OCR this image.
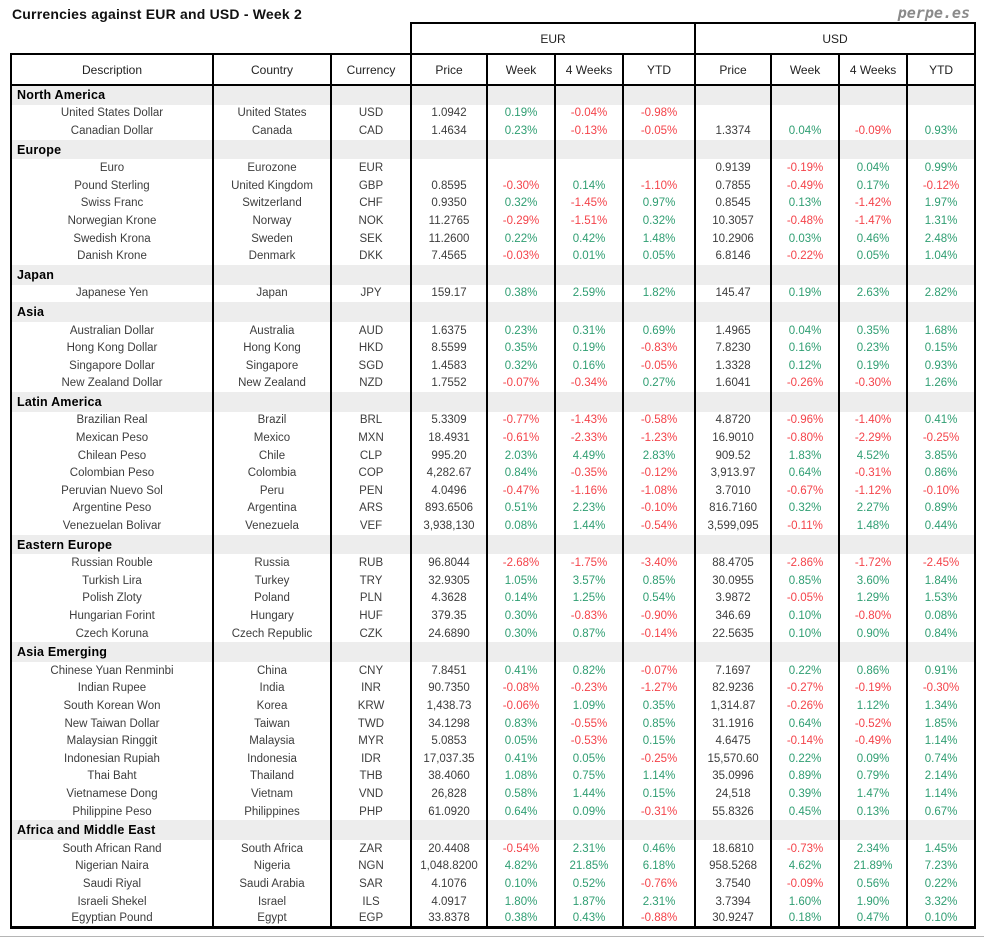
Currencies against EUR and USD - Week 2	perpe.es
			EUR				USD			
Description	Country	Currency	Price	Week	4 Weeks	YTD	Price	Week	4 Weeks	YTD
North America										
United States Dollar	United States	USD	1.0942	0.19%	-0.04%	-0.98%				
Canadian Dollar	Canada	CAD	1.4634	0.23%	-0.13%	-0.05%	1.3374	0.04%	-0.09%	0.93%
Europe										
Euro	Eurozone	EUR					0.9139	-0.19%	0.04%	0.99%
Pound Sterling	United Kingdom	GBP	0.8595	-0.30%	0.14%	-1.10%	0.7855	-0.49%	0.17%	-0.12%
Swiss Franc	Switzerland	CHF	0.9350	0.32%	-1.45%	0.97%	0.8545	0.13%	-1.42%	1.97%
Norwegian Krone	Norway	NOK	11.2765	-0.29%	-1.51%	0.32%	10.3057	-0.48%	-1.47%	1.31%
Swedish Krona	Sweden	SEK	11.2600	0.22%	0.42%	1.48%	10.2906	0.03%	0.46%	2.48%
Danish Krone	Denmark	DKK	7.4565	-0.03%	0.01%	0.05%	6.8146	-0.22%	0.05%	1.04%
Japan										
Japanese Yen	Japan	JPY	159.17	0.38%	2.59%	1.82%	145.47	0.19%	2.63%	2.82%
Asia										
Australian Dollar	Australia	AUD	1.6375	0.23%	0.31%	0.69%	1.4965	0.04%	0.35%	1.68%
Hong Kong Dollar	Hong Kong	HKD	8.5599	0.35%	0.19%	-0.83%	7.8230	0.16%	0.23%	0.15%
Singapore Dollar	Singapore	SGD	1.4583	0.32%	0.16%	-0.05%	1.3328	0.12%	0.19%	0.93%
New Zealand Dollar	New Zealand	NZD	1.7552	-0.07%	-0.34%	0.27%	1.6041	-0.26%	-0.30%	1.26%
Latin America										
Brazilian Real	Brazil	BRL	5.3309	-0.77%	-1.43%	-0.58%	4.8720	-0.96%	-1.40%	0.41%
Mexican Peso	Mexico	MXN	18.4931	-0.61%	-2.33%	-1.23%	16.9010	-0.80%	-2.29%	-0.25%
Chilean Peso	Chile	CLP	995.20	2.03%	4.49%	2.83%	909.52	1.83%	4.52%	3.85%
Colombian Peso	Colombia	COP	4,282.67	0.84%	-0.35%	-0.12%	3,913.97	0.64%	-0.31%	0.86%
Peruvian Nuevo Sol	Peru	PEN	4.0496	-0.47%	-1.16%	-1.08%	3.7010	-0.67%	-1.12%	-0.10%
Argentine Peso	Argentina	ARS	893.6506	0.51%	2.23%	-0.10%	816.7160	0.32%	2.27%	0.89%
Venezuelan Bolivar	Venezuela	VEF	3,938,130	0.08%	1.44%	-0.54%	3,599,095	-0.11%	1.48%	0.44%
Eastern Europe										
Russian Rouble	Russia	RUB	96.8044	-2.68%	-1.75%	-3.40%	88.4705	-2.86%	-1.72%	-2.45%
Turkish Lira	Turkey	TRY	32.9305	1.05%	3.57%	0.85%	30.0955	0.85%	3.60%	1.84%
Polish Zloty	Poland	PLN	4.3628	0.14%	1.25%	0.54%	3.9872	-0.05%	1.29%	1.53%
Hungarian Forint	Hungary	HUF	379.35	0.30%	-0.83%	-0.90%	346.69	0.10%	-0.80%	0.08%
Czech Koruna	Czech Republic	CZK	24.6890	0.30%	0.87%	-0.14%	22.5635	0.10%	0.90%	0.84%
Asia Emerging										
Chinese Yuan Renminbi	China	CNY	7.8451	0.41%	0.82%	-0.07%	7.1697	0.22%	0.86%	0.91%
Indian Rupee	India	INR	90.7350	-0.08%	-0.23%	-1.27%	82.9236	-0.27%	-0.19%	-0.30%
South Korean Won	Korea	KRW	1,438.73	-0.06%	1.09%	0.35%	1,314.87	-0.26%	1.12%	1.34%
New Taiwan Dollar	Taiwan	TWD	34.1298	0.83%	-0.55%	0.85%	31.1916	0.64%	-0.52%	1.85%
Malaysian Ringgit	Malaysia	MYR	5.0853	0.05%	-0.53%	0.15%	4.6475	-0.14%	-0.49%	1.14%
Indonesian Rupiah	Indonesia	IDR	17,037.35	0.41%	0.05%	-0.25%	15,570.60	0.22%	0.09%	0.74%
Thai Baht	Thailand	THB	38.4060	1.08%	0.75%	1.14%	35.0996	0.89%	0.79%	2.14%
Vietnamese Dong	Vietnam	VND	26,828	0.58%	1.44%	0.15%	24,518	0.39%	1.47%	1.14%
Philippine Peso	Philippines	PHP	61.0920	0.64%	0.09%	-0.31%	55.8326	0.45%	0.13%	0.67%
Africa and Middle East										
South African Rand	South Africa	ZAR	20.4408	-0.54%	2.31%	0.46%	18.6810	-0.73%	2.34%	1.45%
Nigerian Naira	Nigeria	NGN	1,048.8200	4.82%	21.85%	6.18%	958.5268	4.62%	21.89%	7.23%
Saudi Riyal	Saudi Arabia	SAR	4.1076	0.10%	0.52%	-0.76%	3.7540	-0.09%	0.56%	0.22%
Israeli Shekel	Israel	ILS	4.0917	1.80%	1.87%	2.31%	3.7394	1.60%	1.90%	3.32%
Egyptian Pound	Egypt	EGP	33.8378	0.38%	0.43%	-0.88%	30.9247	0.18%	0.47%	0.10%
